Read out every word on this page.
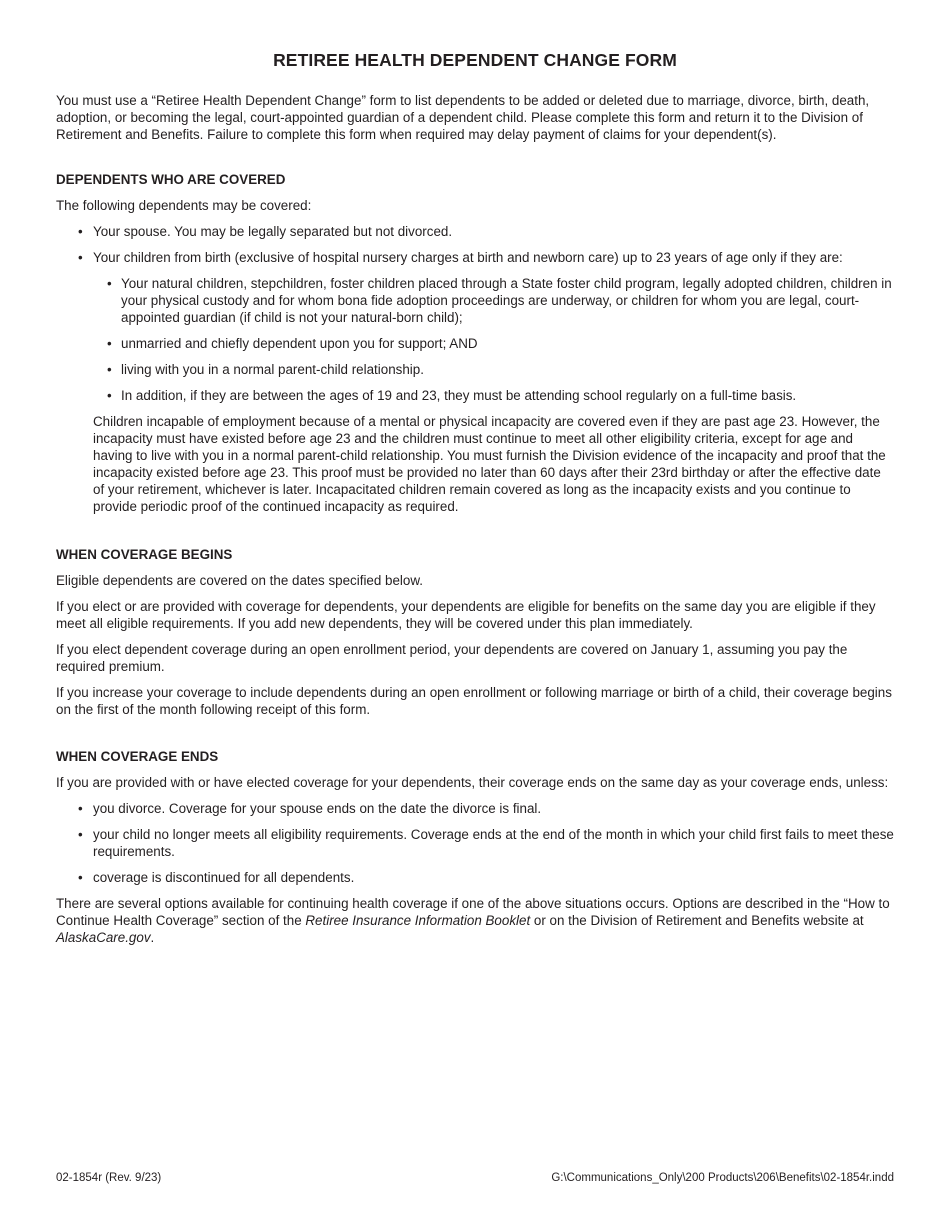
RETIREE HEALTH DEPENDENT CHANGE FORM

You must use a “Retiree Health Dependent Change” form to list dependents to be added or deleted due to marriage, divorce, birth, death, adoption, or becoming the legal, court-appointed guardian of a dependent child. Please complete this form and return it to the Division of Retirement and Benefits. Failure to complete this form when required may delay payment of claims for your dependent(s).

DEPENDENTS WHO ARE COVERED

The following dependents may be covered:

• Your spouse. You may be legally separated but not divorced.
• Your children from birth (exclusive of hospital nursery charges at birth and newborn care) up to 23 years of age only if they are:
• Your natural children, stepchildren, foster children placed through a State foster child program, legally adopted children, children in your physical custody and for whom bona fide adoption proceedings are underway, or children for whom you are legal, court-appointed guardian (if child is not your natural-born child);
• unmarried and chiefly dependent upon you for support; AND
• living with you in a normal parent-child relationship.
• In addition, if they are between the ages of 19 and 23, they must be attending school regularly on a full-time basis.

Children incapable of employment because of a mental or physical incapacity are covered even if they are past age 23. However, the incapacity must have existed before age 23 and the children must continue to meet all other eligibility criteria, except for age and having to live with you in a normal parent-child relationship. You must furnish the Division evidence of the incapacity and proof that the incapacity existed before age 23. This proof must be provided no later than 60 days after their 23rd birthday or after the effective date of your retirement, whichever is later. Incapacitated children remain covered as long as the incapacity exists and you continue to provide periodic proof of the continued incapacity as required.

WHEN COVERAGE BEGINS

Eligible dependents are covered on the dates specified below.

If you elect or are provided with coverage for dependents, your dependents are eligible for benefits on the same day you are eligible if they meet all eligible requirements. If you add new dependents, they will be covered under this plan immediately.

If you elect dependent coverage during an open enrollment period, your dependents are covered on January 1, assuming you pay the required premium.

If you increase your coverage to include dependents during an open enrollment or following marriage or birth of a child, their coverage begins on the first of the month following receipt of this form.

WHEN COVERAGE ENDS

If you are provided with or have elected coverage for your dependents, their coverage ends on the same day as your coverage ends, unless:

• you divorce. Coverage for your spouse ends on the date the divorce is final.
• your child no longer meets all eligibility requirements. Coverage ends at the end of the month in which your child first fails to meet these requirements.
• coverage is discontinued for all dependents.

There are several options available for continuing health coverage if one of the above situations occurs. Options are described in the “How to Continue Health Coverage” section of the Retiree Insurance Information Booklet or on the Division of Retirement and Benefits website at AlaskaCare.gov.

02-1854r (Rev. 9/23)	G:\Communications_Only\200 Products\206\Benefits\02-1854r.indd
